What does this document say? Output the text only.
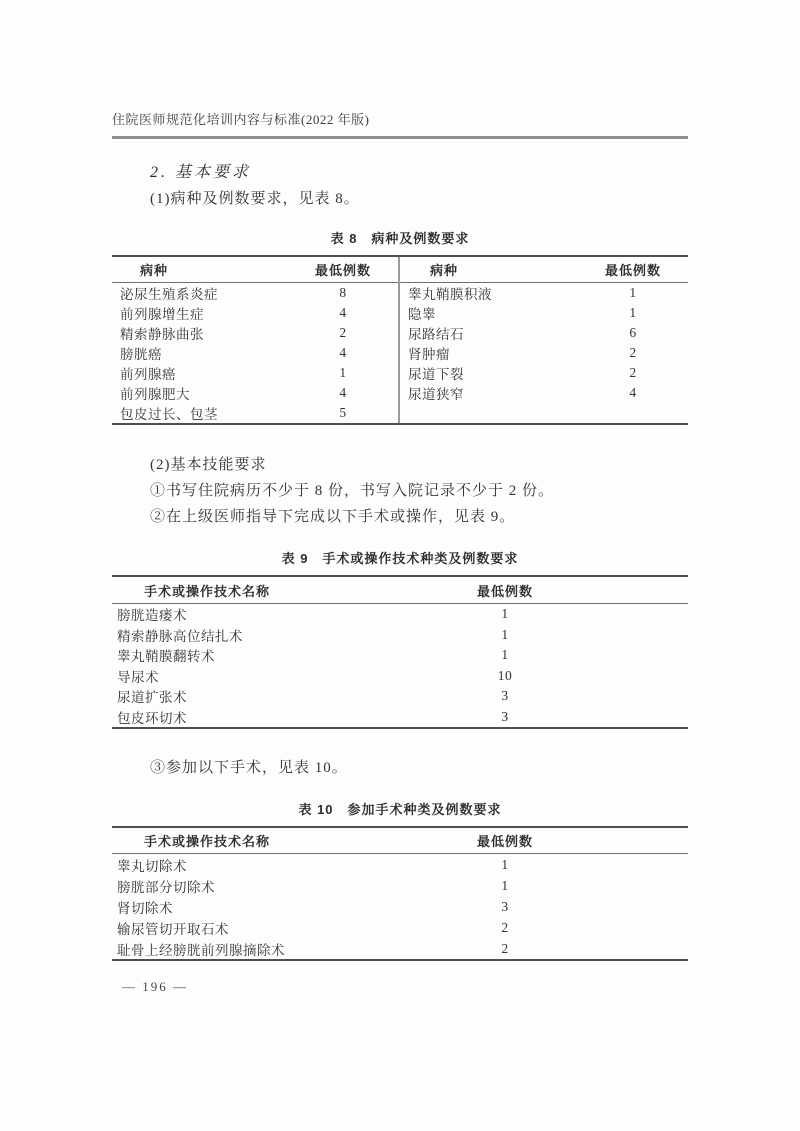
住院医师规范化培训内容与标准(2022 年版)
2. 基本要求
(1)病种及例数要求，见表 8。
表 8　病种及例数要求
病种	最低例数
泌尿生殖系炎症	8
前列腺增生症	4
精索静脉曲张	2
膀胱癌	4
前列腺癌	1
前列腺肥大	4
包皮过长、包茎	5
病种	最低例数
睾丸鞘膜积液	1
隐睾	1
尿路结石	6
肾肿瘤	2
尿道下裂	2
尿道狭窄	4
(2)基本技能要求
①书写住院病历不少于 8 份，书写入院记录不少于 2 份。
②在上级医师指导下完成以下手术或操作，见表 9。
表 9　手术或操作技术种类及例数要求
手术或操作技术名称	最低例数
膀胱造瘘术	1
精索静脉高位结扎术	1
睾丸鞘膜翻转术	1
导尿术	10
尿道扩张术	3
包皮环切术	3
③参加以下手术，见表 10。
表 10　参加手术种类及例数要求
手术或操作技术名称	最低例数
睾丸切除术	1
膀胱部分切除术	1
肾切除术	3
输尿管切开取石术	2
耻骨上经膀胱前列腺摘除术	2
— 196 —
